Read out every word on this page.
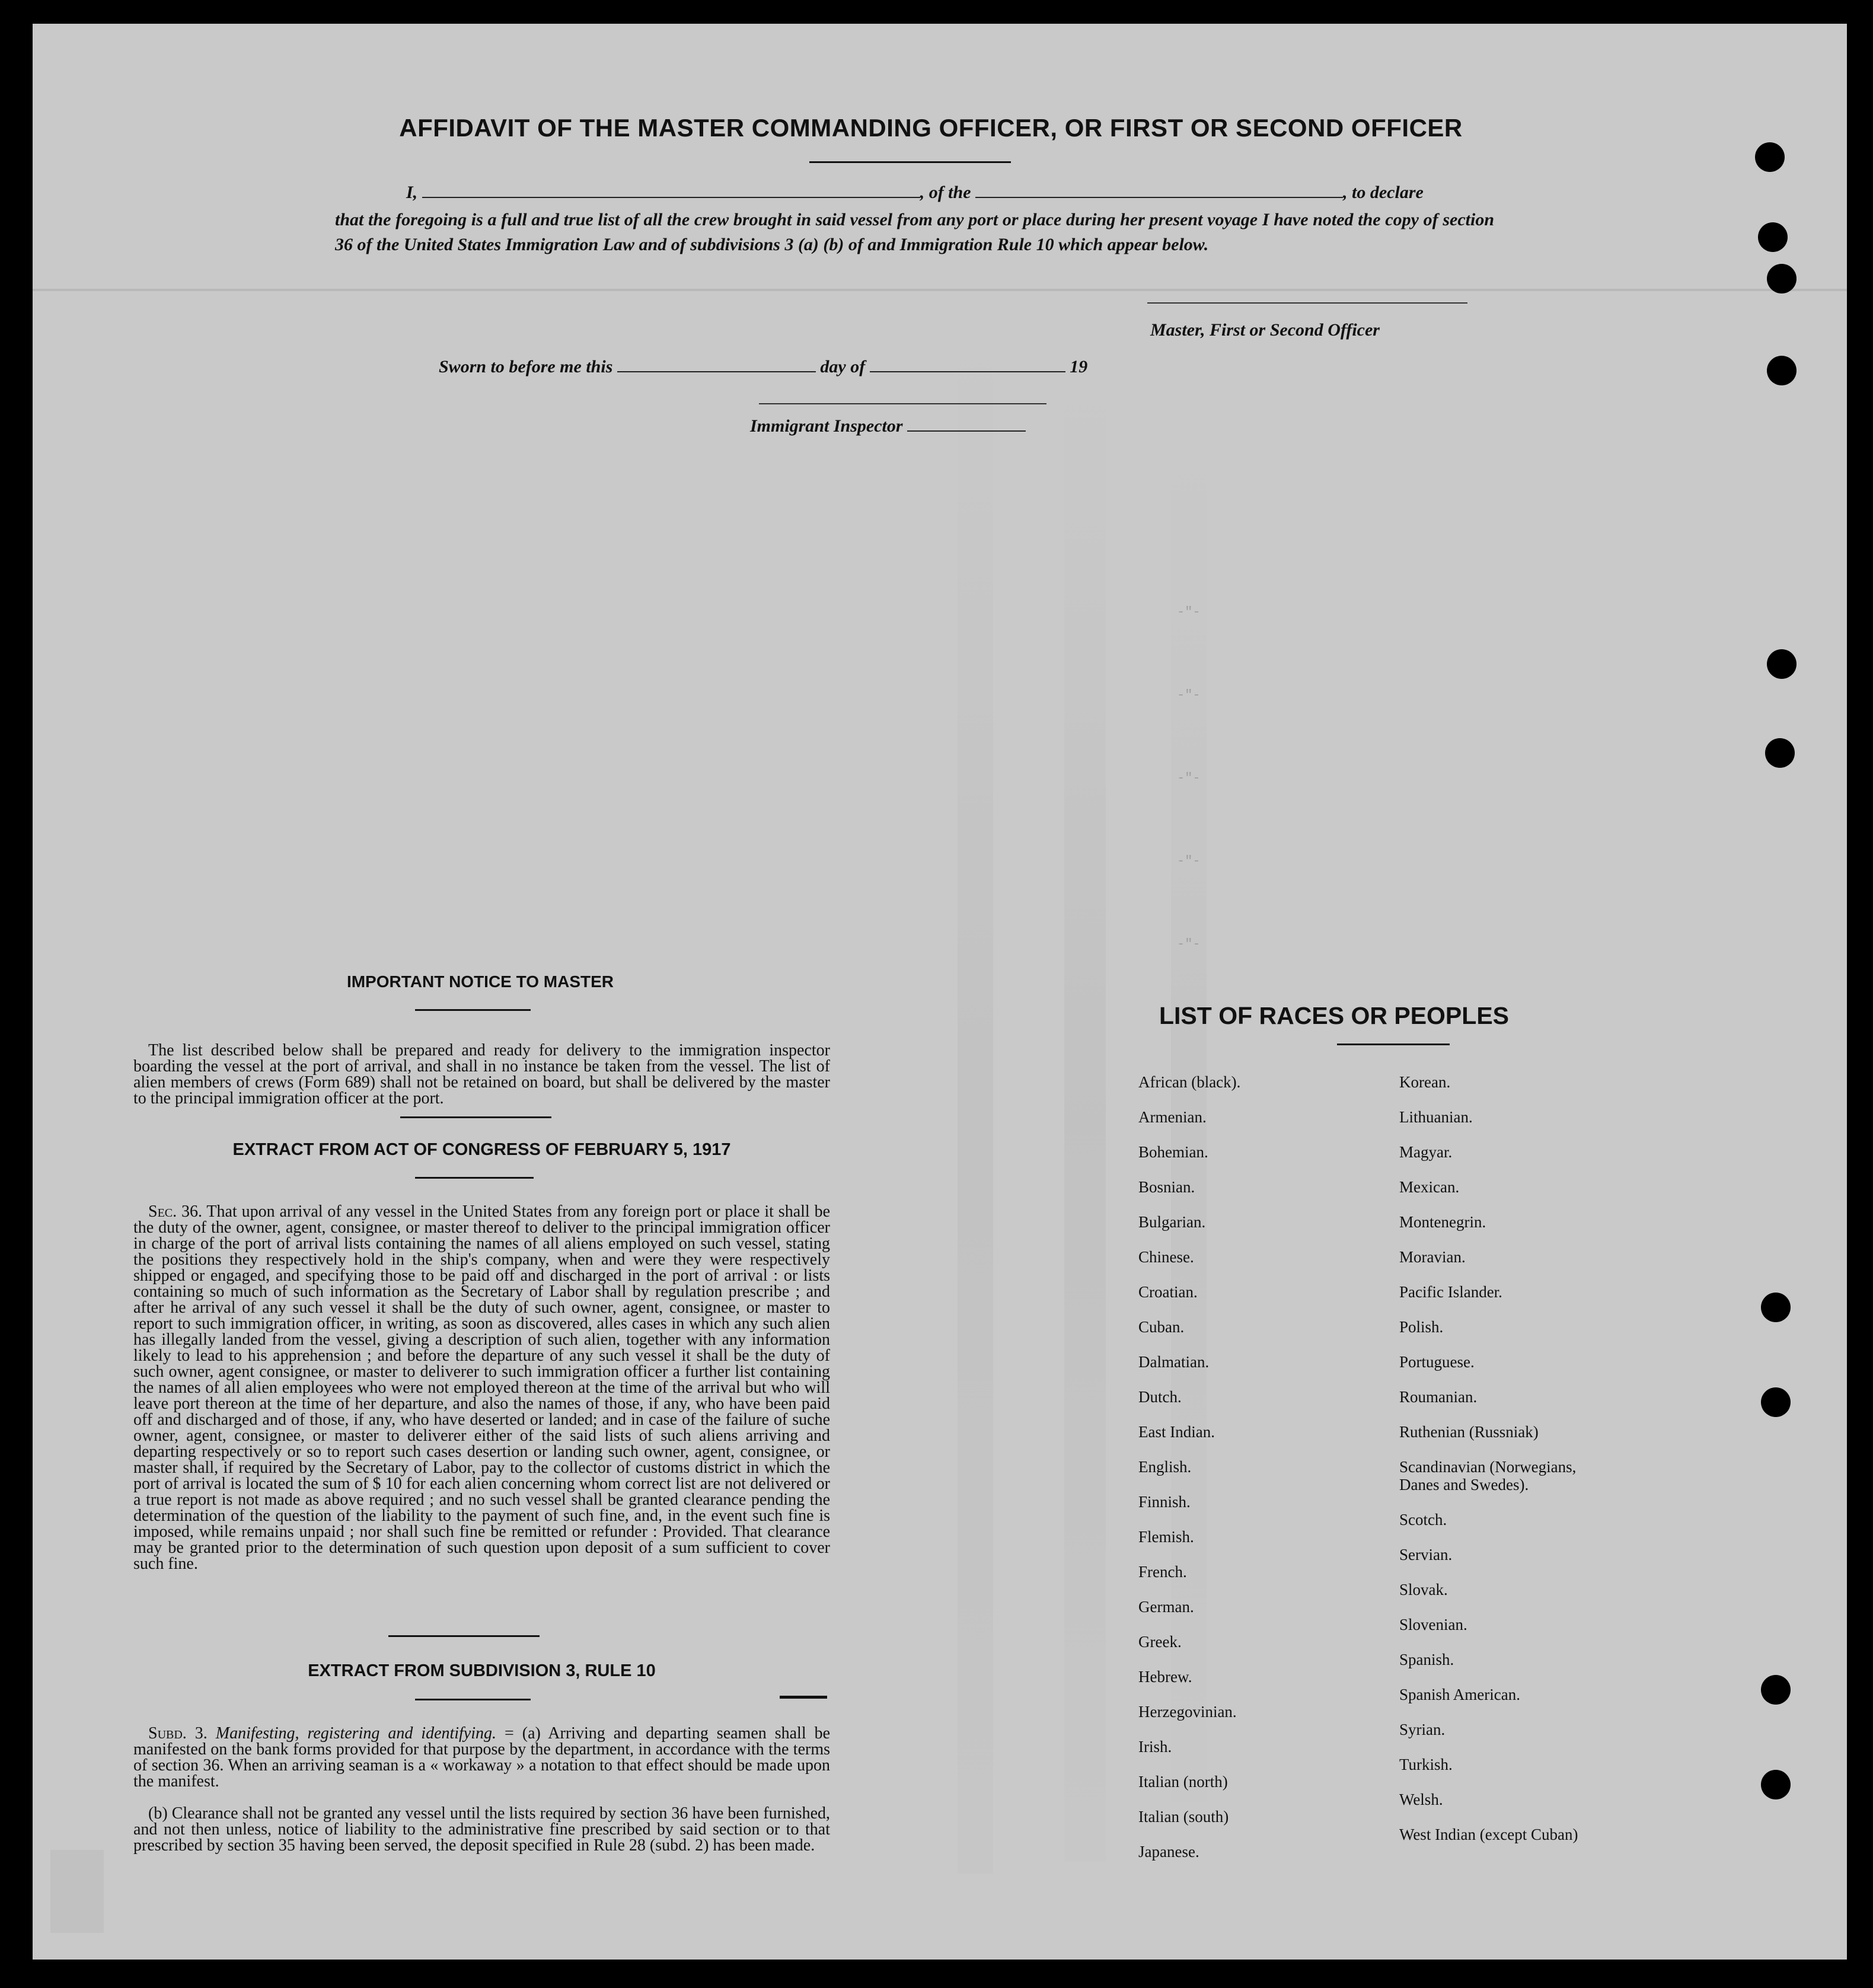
-"-
-"-
-"-
-"-
-"-
AFFIDAVIT OF THE MASTER COMMANDING OFFICER, OR FIRST OR SECOND OFFICER
I,	, of the	, to declare
that the foregoing is a full and true list of all the crew brought in said vessel from any port or place during her present voyage I have noted the copy of section 36 of the United States Immigration Law and of subdivisions 3 (a) (b) of and Immigration Rule 10 which appear below.
Master, First or Second Officer
Sworn to before me this	day of	19
Immigrant Inspector
IMPORTANT NOTICE TO MASTER
The list described below shall be prepared and ready for delivery to the immigration inspector boarding the vessel at the port of arrival, and shall in no instance be taken from the vessel. The list of alien members of crews (Form 689) shall not be retained on board, but shall be delivered by the master to the principal immigration officer at the port.
EXTRACT FROM ACT OF CONGRESS OF FEBRUARY 5, 1917
Sec. 36. That upon arrival of any vessel in the United States from any foreign port or place it shall be the duty of the owner, agent, consignee, or master thereof to deliver to the principal immigration officer in charge of the port of arrival lists containing the names of all aliens employed on such vessel, stating the positions they respectively hold in the ship's company, when and were they were respectively shipped or engaged, and specifying those to be paid off and discharged in the port of arrival : or lists containing so much of such information as the Secretary of Labor shall by regulation prescribe ; and after he arrival of any such vessel it shall be the duty of such owner, agent, consignee, or master to report to such immigration officer, in writing, as soon as discovered, alles cases in which any such alien has illegally landed from the vessel, giving a description of such alien, together with any information likely to lead to his apprehension ; and before the departure of any such vessel it shall be the duty of such owner, agent consignee, or master to deliverer to such immigration officer a further list containing the names of all alien employees who were not employed thereon at the time of the arrival but who will leave port thereon at the time of her departure, and also the names of those, if any, who have been paid off and discharged and of those, if any, who have deserted or landed; and in case of the failure of suche owner, agent, consignee, or master to deliverer either of the said lists of such aliens arriving and departing respectively or so to report such cases desertion or landing such owner, agent, consignee, or master shall, if required by the Secretary of Labor, pay to the collector of customs district in which the port of arrival is located the sum of $ 10 for each alien concerning whom correct list are not delivered or a true report is not made as above required ; and no such vessel shall be granted clearance pending the determination of the question of the liability to the payment of such fine, and, in the event such fine is imposed, while remains unpaid ; nor shall such fine be remitted or refunder : Provided. That clearance may be granted prior to the determination of such question upon deposit of a sum sufficient to cover such fine.
EXTRACT FROM SUBDIVISION 3, RULE 10
Subd. 3. Manifesting, registering and identifying. = (a) Arriving and departing seamen shall be manifested on the bank forms provided for that purpose by the department, in accordance with the terms of section 36. When an arriving seaman is a « workaway » a notation to that effect should be made upon the manifest.
(b) Clearance shall not be granted any vessel until the lists required by section 36 have been furnished, and not then unless, notice of liability to the administrative fine prescribed by said section or to that prescribed by section 35 having been served, the deposit specified in Rule 28 (subd. 2) has been made.
LIST OF RACES OR PEOPLES
African (black).
Armenian.
Bohemian.
Bosnian.
Bulgarian.
Chinese.
Croatian.
Cuban.
Dalmatian.
Dutch.
East Indian.
English.
Finnish.
Flemish.
French.
German.
Greek.
Hebrew.
Herzegovinian.
Irish.
Italian (north)
Italian (south)
Japanese.
Korean.
Lithuanian.
Magyar.
Mexican.
Montenegrin.
Moravian.
Pacific Islander.
Polish.
Portuguese.
Roumanian.
Ruthenian (Russniak)
Scandinavian (Norwegians,
Danes and Swedes).
Scotch.
Servian.
Slovak.
Slovenian.
Spanish.
Spanish American.
Syrian.
Turkish.
Welsh.
West Indian (except Cuban)
